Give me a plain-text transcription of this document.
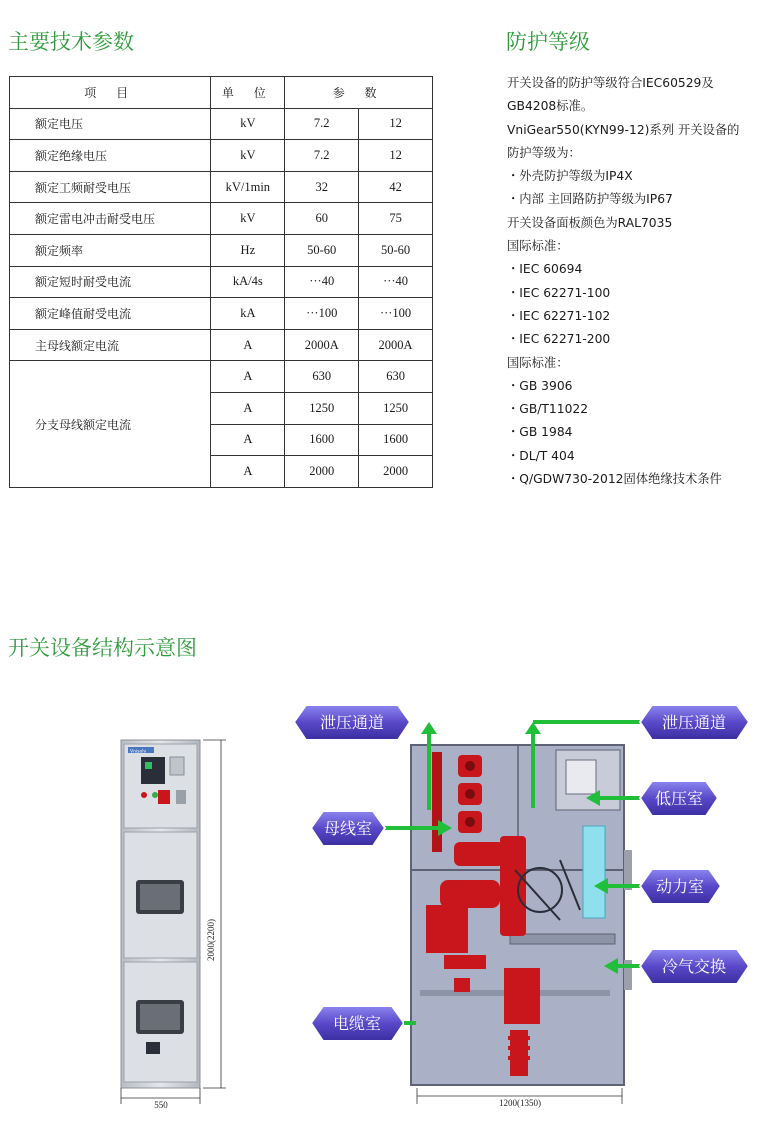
主要技术参数	防护等级
开关设备结构示意图
项 目	单 位	参 数	
额定电压	kV	7.2	12
额定绝缘电压	kV	7.2	12
额定工频耐受电压	kV/1min	32	42
额定雷电冲击耐受电压	kV	60	75
额定频率	Hz	50-60	50-60
额定短时耐受电流	kA/4s	···40	···40
额定峰值耐受电流	kA	···100	···100
主母线额定电流	A	2000A	2000A
分支母线额定电流	A	630	630
	A	1250	1250
	A	1600	1600
	A	2000	2000
开关设备的防护等级符合IEC60529及
GB4208标准。
VniGear550(KYN99-12)系列 开关设备的
防护等级为：
・外壳防护等级为IP4X
・内部 主回路防护等级为IP67
开关设备面板颜色为RAL7035
国际标准：
・IEC 60694
・IEC 62271-100
・IEC 62271-102
・IEC 62271-200
国际标准：
・GB 3906
・GB/T11022
・GB 1984
・DL/T 404
・Q/GDW730-2012固体绝缘技术条件
Vnisolv
2000(2200)
550	1200(1350)
泄压通道	泄压通道
母线室
低压室
动力室
冷气交换
电缆室
